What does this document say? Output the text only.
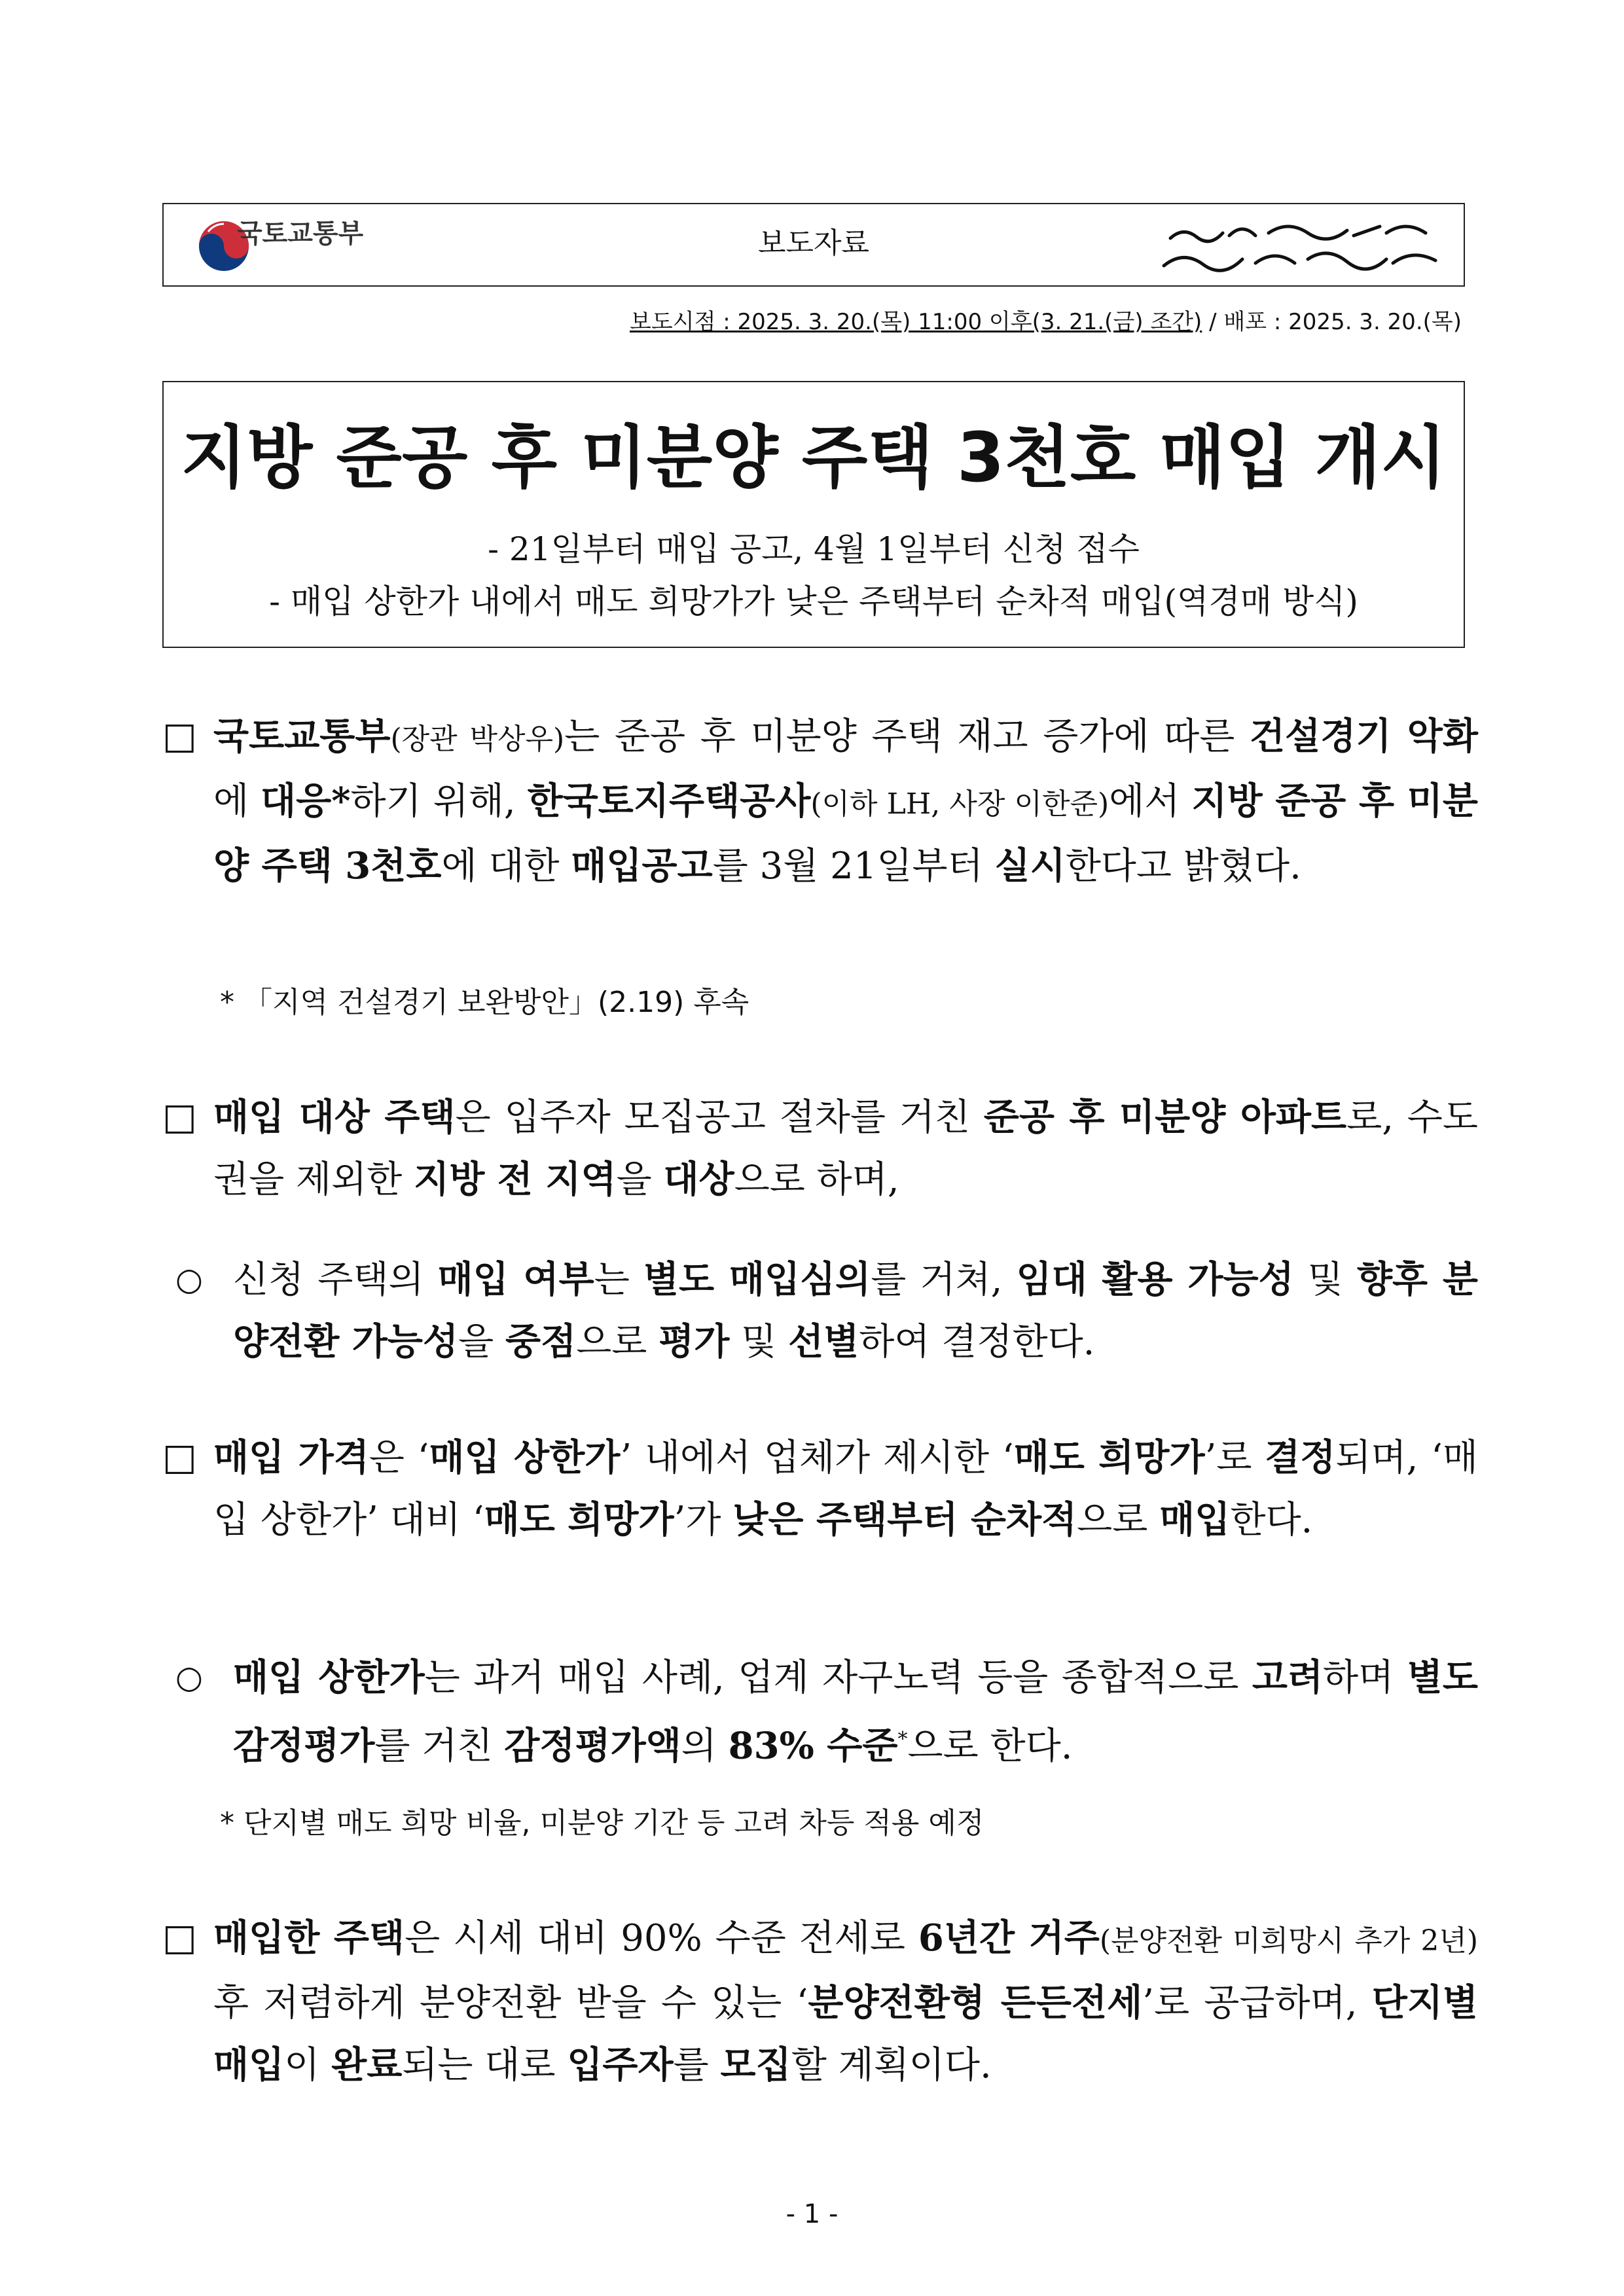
국토교통부	보도자료
보도시점 : 2025. 3. 20.(목) 11:00 이후(3. 21.(금) 조간) / 배포 : 2025. 3. 20.(목)
지방 준공 후 미분양 주택 3천호 매입 개시
- 21일부터 매입 공고, 4월 1일부터 신청 접수
- 매입 상한가 내에서 매도 희망가가 낮은 주택부터 순차적 매입(역경매 방식)
□ 국토교통부(장관 박상우)는 준공 후 미분양 주택 재고 증가에 따른 건설경기 악화에 대응*하기 위해, 한국토지주택공사(이하 LH, 사장 이한준)에서 지방 준공 후 미분양 주택 3천호에 대한 매입공고를 3월 21일부터 실시한다고 밝혔다.
* 「지역 건설경기 보완방안」(2.19) 후속
□ 매입 대상 주택은 입주자 모집공고 절차를 거친 준공 후 미분양 아파트로, 수도권을 제외한 지방 전 지역을 대상으로 하며,
○ 신청 주택의 매입 여부는 별도 매입심의를 거쳐, 임대 활용 가능성 및 향후 분양전환 가능성을 중점으로 평가 및 선별하여 결정한다.
□ 매입 가격은 ‘매입 상한가’ 내에서 업체가 제시한 ‘매도 희망가’로 결정되며, ‘매입 상한가’ 대비 ‘매도 희망가’가 낮은 주택부터 순차적으로 매입한다.
○ 매입 상한가는 과거 매입 사례, 업계 자구노력 등을 종합적으로 고려하며 별도 감정평가를 거친 감정평가액의 83% 수준*으로 한다.
* 단지별 매도 희망 비율, 미분양 기간 등 고려 차등 적용 예정
□ 매입한 주택은 시세 대비 90% 수준 전세로 6년간 거주(분양전환 미희망시 추가 2년) 후 저렴하게 분양전환 받을 수 있는 ‘분양전환형 든든전세’로 공급하며, 단지별 매입이 완료되는 대로 입주자를 모집할 계획이다.
- 1 -
